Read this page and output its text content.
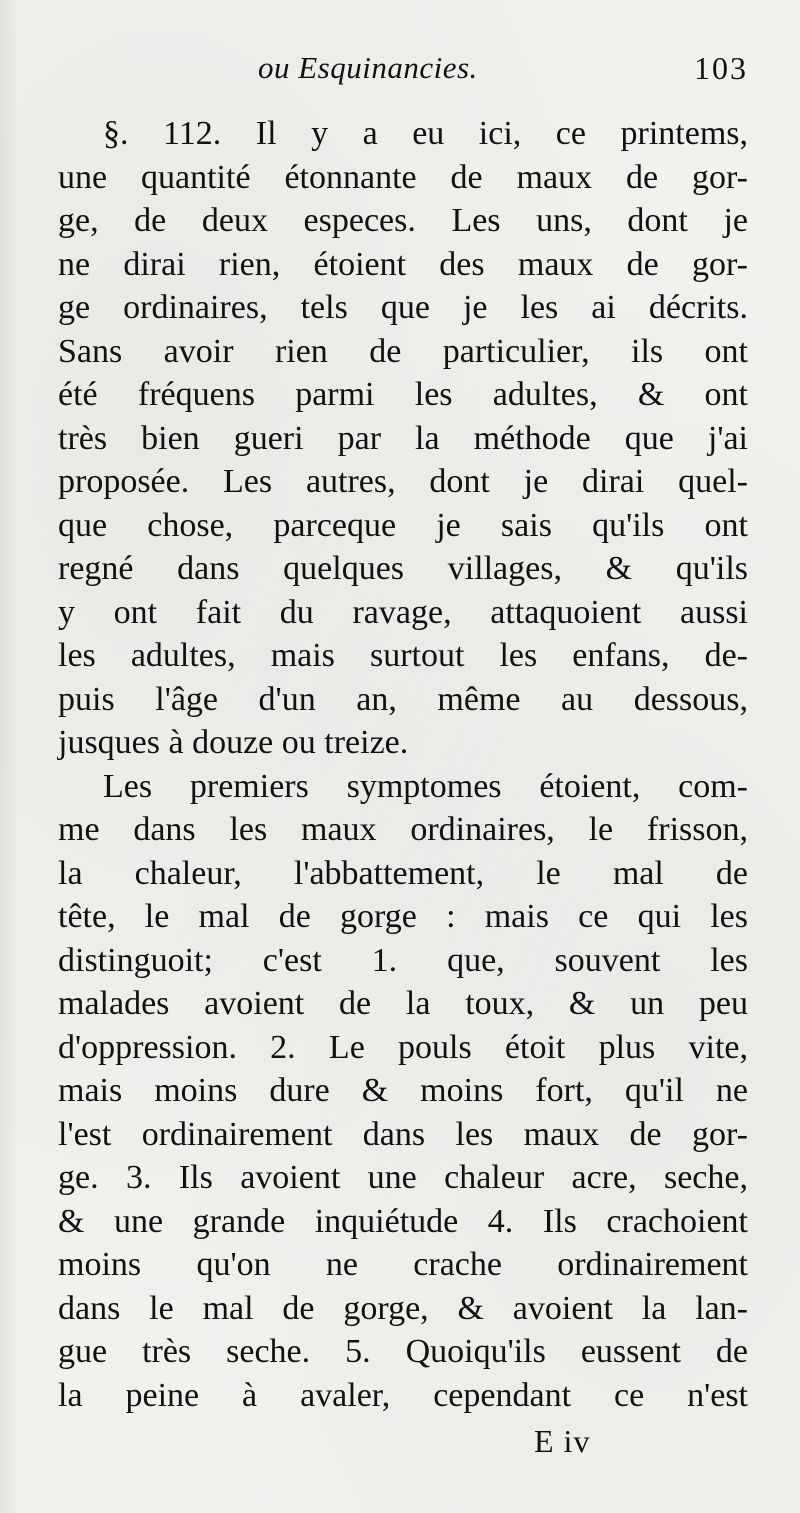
ou Esquinancies.	103
§. 112. Il y a eu ici, ce printems,
une quantité étonnante de maux de gor-
ge, de deux especes. Les uns, dont je
ne dirai rien, étoient des maux de gor-
ge ordinaires, tels que je les ai décrits.
Sans avoir rien de particulier, ils ont
été fréquens parmi les adultes, & ont
très bien gueri par la méthode que j'ai
proposée. Les autres, dont je dirai quel-
que chose, parceque je sais qu'ils ont
regné dans quelques villages, & qu'ils
y ont fait du ravage, attaquoient aussi
les adultes, mais surtout les enfans, de-
puis l'âge d'un an, même au dessous,
jusques à douze ou treize.
Les premiers symptomes étoient, com-
me dans les maux ordinaires, le frisson,
la chaleur, l'abbattement, le mal de
tête, le mal de gorge : mais ce qui les
distinguoit; c'est 1. que, souvent les
malades avoient de la toux, & un peu
d'oppression. 2. Le pouls étoit plus vite,
mais moins dure & moins fort, qu'il ne
l'est ordinairement dans les maux de gor-
ge. 3. Ils avoient une chaleur acre, seche,
& une grande inquiétude 4. Ils crachoient
moins qu'on ne crache ordinairement
dans le mal de gorge, & avoient la lan-
gue très seche. 5. Quoiqu'ils eussent de
la peine à avaler, cependant ce n'est
E iv
